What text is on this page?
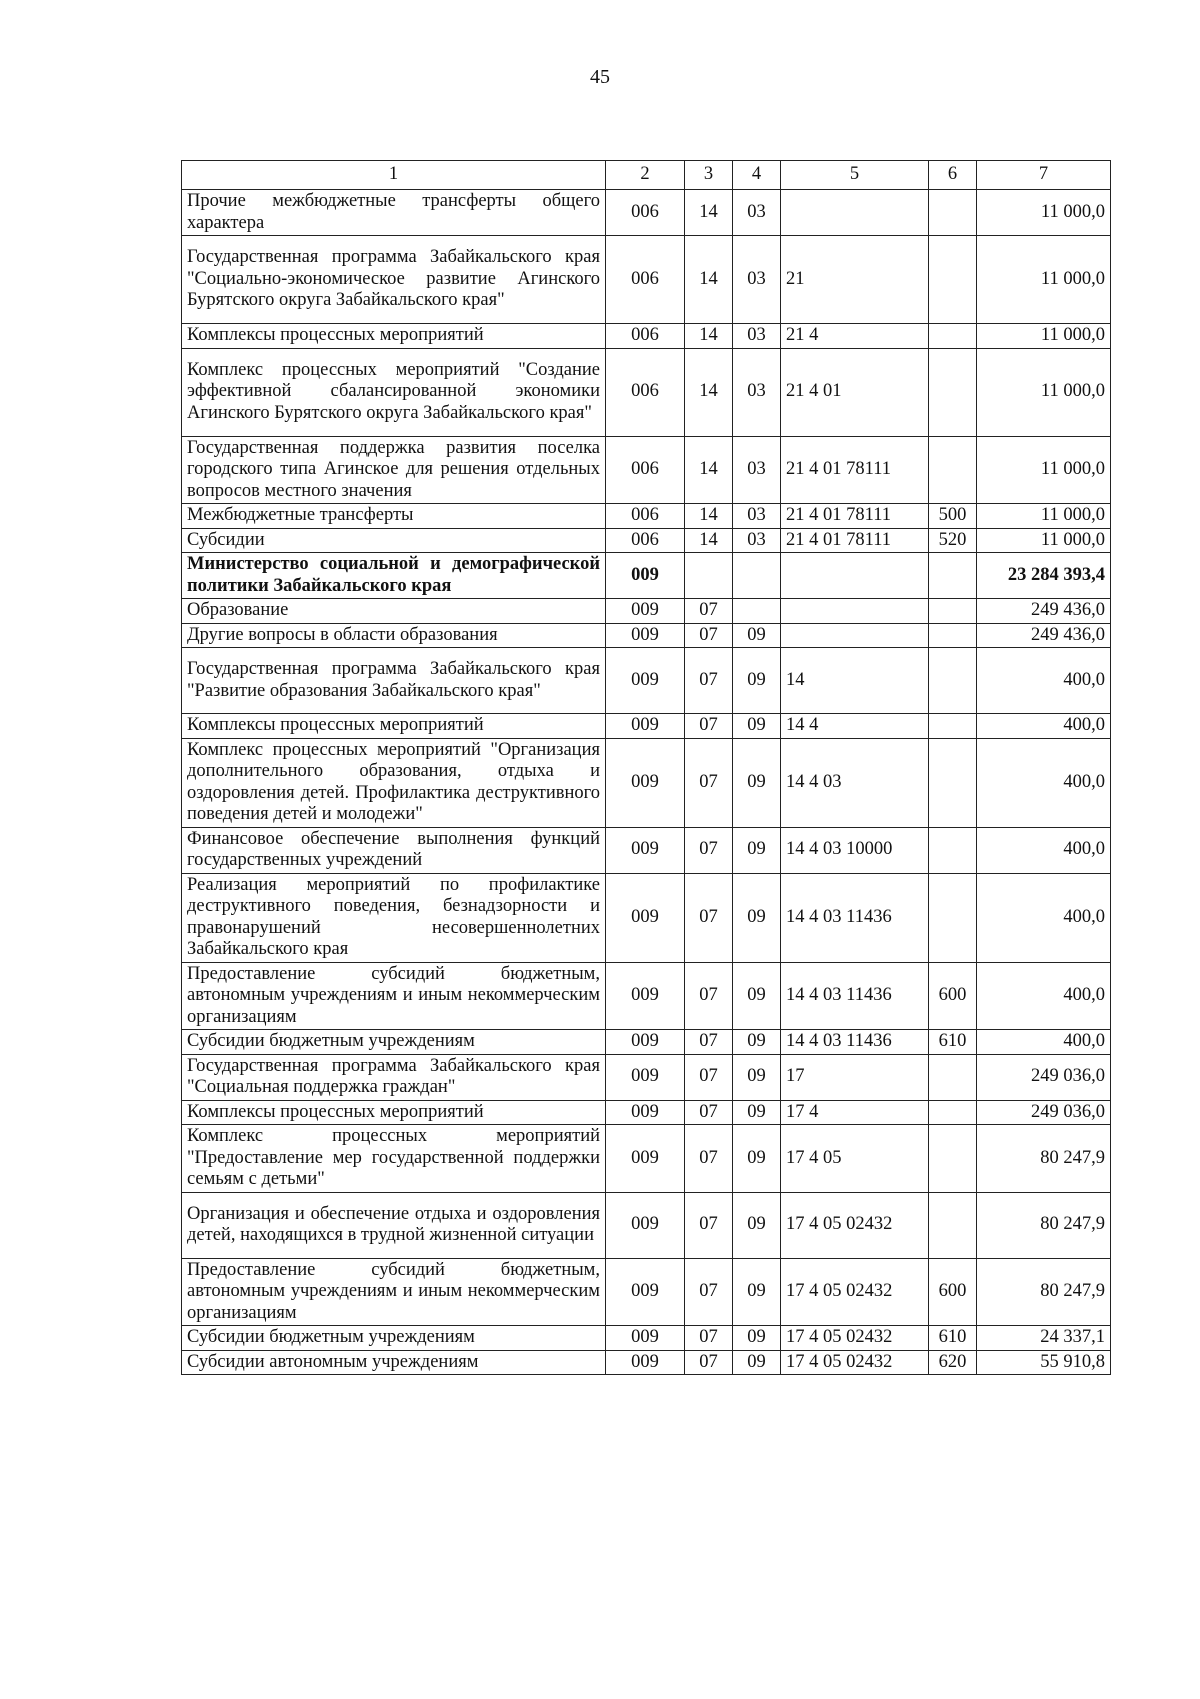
45
1	2	3	4	5	6	7
Прочие межбюджетные трансферты общего характера	006	14	03			11 000,0
Государственная программа Забайкальского края "Социально-экономическое развитие Агинского Бурятского округа Забайкальского края"	006	14	03	21		11 000,0
Комплексы процессных мероприятий	006	14	03	21 4		11 000,0
Комплекс процессных мероприятий "Создание эффективной сбалансированной экономики Агинского Бурятского округа Забайкальского края"	006	14	03	21 4 01		11 000,0
Государственная поддержка развития поселка городского типа Агинское для решения отдельных вопросов местного значения	006	14	03	21 4 01 78111		11 000,0
Межбюджетные трансферты	006	14	03	21 4 01 78111	500	11 000,0
Субсидии	006	14	03	21 4 01 78111	520	11 000,0
Министерство социальной и демографической политики Забайкальского края	009					23 284 393,4
Образование	009	07				249 436,0
Другие вопросы в области образования	009	07	09			249 436,0
Государственная программа Забайкальского края "Развитие образования Забайкальского края"	009	07	09	14		400,0
Комплексы процессных мероприятий	009	07	09	14 4		400,0
Комплекс процессных мероприятий "Организация дополнительного образования, отдыха и оздоровления детей. Профилактика деструктивного поведения детей и молодежи"	009	07	09	14 4 03		400,0
Финансовое обеспечение выполнения функций государственных учреждений	009	07	09	14 4 03 10000		400,0
Реализация мероприятий по профилактике деструктивного поведения, безнадзорности и правонарушений несовершеннолетних Забайкальского края	009	07	09	14 4 03 11436		400,0
Предоставление субсидий бюджетным, автономным учреждениям и иным некоммерческим организациям	009	07	09	14 4 03 11436	600	400,0
Субсидии бюджетным учреждениям	009	07	09	14 4 03 11436	610	400,0
Государственная программа Забайкальского края "Социальная поддержка граждан"	009	07	09	17		249 036,0
Комплексы процессных мероприятий	009	07	09	17 4		249 036,0
Комплекс процессных мероприятий "Предоставление мер государственной поддержки семьям с детьми"	009	07	09	17 4 05		80 247,9
Организация и обеспечение отдыха и оздоровления детей, находящихся в трудной жизненной ситуации	009	07	09	17 4 05 02432		80 247,9
Предоставление субсидий бюджетным, автономным учреждениям и иным некоммерческим организациям	009	07	09	17 4 05 02432	600	80 247,9
Субсидии бюджетным учреждениям	009	07	09	17 4 05 02432	610	24 337,1
Субсидии автономным учреждениям	009	07	09	17 4 05 02432	620	55 910,8
